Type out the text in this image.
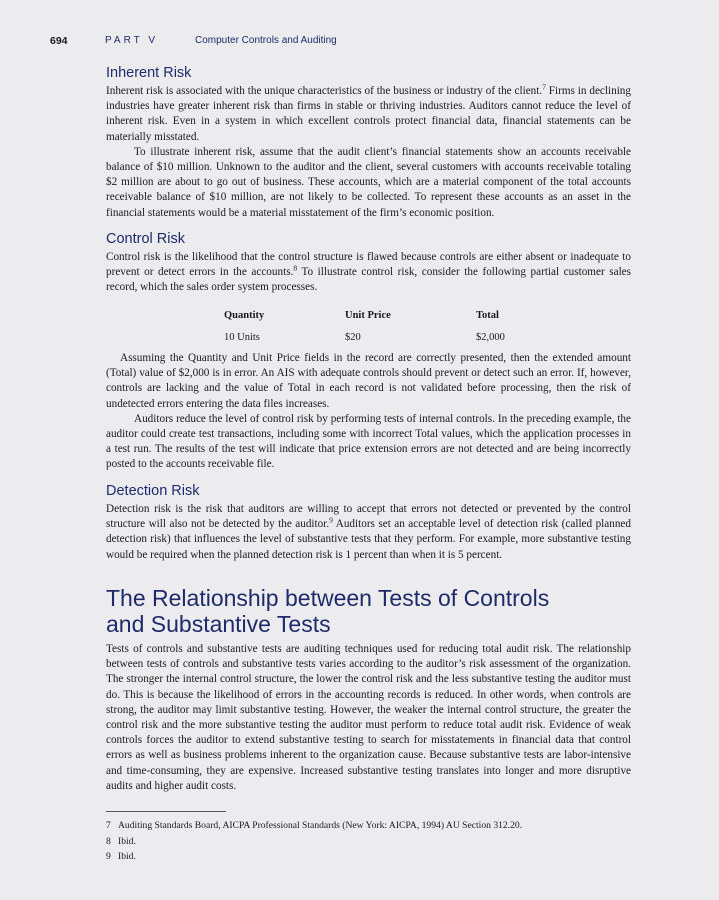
694	PART V	Computer Controls and Auditing
Inherent Risk

Inherent risk is associated with the unique characteristics of the business or industry of the client.$^7$ Firms in declining industries have greater inherent risk than firms in stable or thriving industries. Auditors cannot reduce the level of inherent risk. Even in a system in which excellent controls protect financial data, financial statements can be materially misstated.

To illustrate inherent risk, assume that the audit client’s financial statements show an accounts receivable balance of $10 million. Unknown to the auditor and the client, several customers with accounts receivable totaling $2 million are about to go out of business. These accounts, which are a material component of the total accounts receivable balance of $10 million, are not likely to be collected. To represent these accounts as an asset in the financial statements would be a material misstatement of the firm’s economic position.

Control Risk

Control risk is the likelihood that the control structure is flawed because controls are either absent or inadequate to prevent or detect errors in the accounts.$^8$ To illustrate control risk, consider the following partial customer sales record, which the sales order system processes.

Quantity	Unit Price	Total
10 Units	$20	$2,000

Assuming the Quantity and Unit Price fields in the record are correctly presented, then the extended amount (Total) value of $2,000 is in error. An AIS with adequate controls should prevent or detect such an error. If, however, controls are lacking and the value of Total in each record is not validated before processing, then the risk of undetected errors entering the data files increases.

Auditors reduce the level of control risk by performing tests of internal controls. In the preceding example, the auditor could create test transactions, including some with incorrect Total values, which the application processes in a test run. The results of the test will indicate that price extension errors are not detected and are being incorrectly posted to the accounts receivable file.

Detection Risk

Detection risk is the risk that auditors are willing to accept that errors not detected or prevented by the control structure will also not be detected by the auditor.$^9$ Auditors set an acceptable level of detection risk (called planned detection risk) that influences the level of substantive tests that they perform. For example, more substantive testing would be required when the planned detection risk is 1 percent than when it is 5 percent.

The Relationship between Tests of Controls
and Substantive Tests

Tests of controls and substantive tests are auditing techniques used for reducing total audit risk. The relationship between tests of controls and substantive tests varies according to the auditor’s risk assessment of the organization. The stronger the internal control structure, the lower the control risk and the less substantive testing the auditor must do. This is because the likelihood of errors in the accounting records is reduced. In other words, when controls are strong, the auditor may limit substantive testing. However, the weaker the internal control structure, the greater the control risk and the more substantive testing the auditor must perform to reduce total audit risk. Evidence of weak controls forces the auditor to extend substantive testing to search for misstatements in financial data that control errors as well as business problems inherent to the organization cause. Because substantive tests are labor-intensive and time-consuming, they are expensive. Increased substantive testing translates into longer and more disruptive audits and higher audit costs.

7 Auditing Standards Board, AICPA Professional Standards (New York: AICPA, 1994) AU Section 312.20.
8 Ibid.
9 Ibid.
